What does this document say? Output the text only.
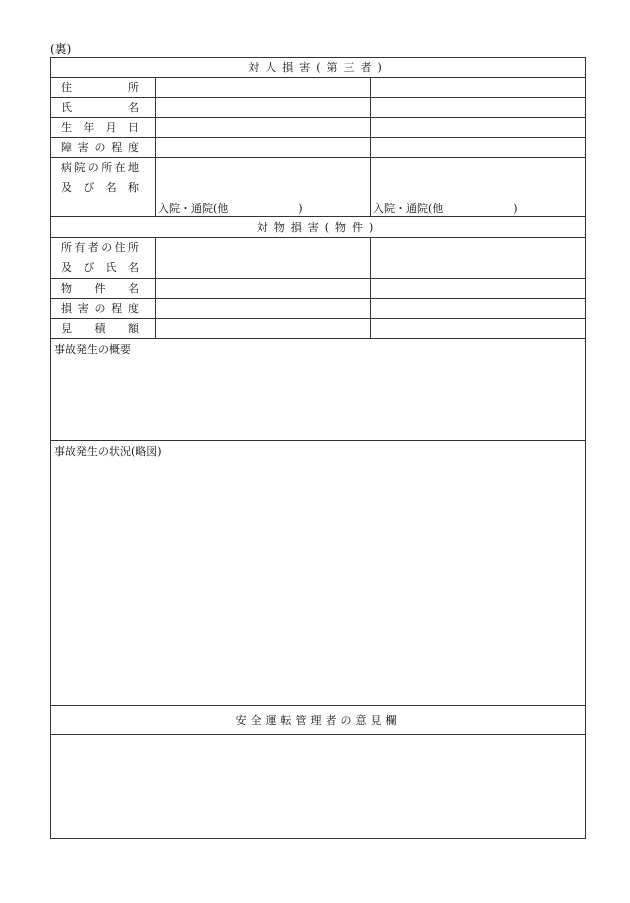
(裏)
対人損害(第三者)		
住所		
氏名		
生年月日		
障害の程度		

病院の所在地
及び名称	入院・通院(他                    )	入院・通院(他                    )

対物損害(物件)		

所有者の住所
及び氏名		

物件名		
損害の程度		
見積額		

事故発生の概要		

事故発生の状況(略図)		

安全運転管理者の意見欄		
